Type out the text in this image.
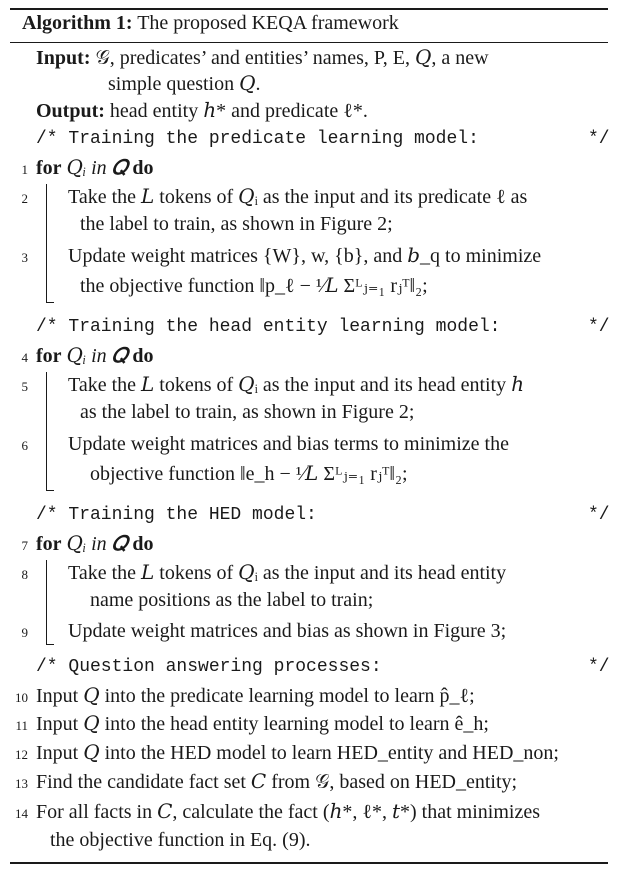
Algorithm 1: The proposed KEQA framework
Input: 𝒢, predicates’ and entities’ names, P, E, 𝑄, a new
simple question 𝑄.
Output: head entity ℎ* and predicate ℓ*.
/* Training the predicate learning model:	*/
1 for 𝑄ᵢ in 𝑄 do
2 Take the 𝐿 tokens of 𝑄ᵢ as the input and its predicate ℓ as
the label to train, as shown in Figure 2;
3 Update weight matrices {W}, w, {b}, and 𝑏_q to minimize
the objective function ‖p_ℓ − ¹⁄𝐿 Σᴸⱼ₌₁ rⱼᵀ‖₂;
/* Training the head entity learning model:	*/
4 for 𝑄ᵢ in 𝑄 do
5 Take the 𝐿 tokens of 𝑄ᵢ as the input and its head entity ℎ
as the label to train, as shown in Figure 2;
6 Update weight matrices and bias terms to minimize the
objective function ‖e_h − ¹⁄𝐿 Σᴸⱼ₌₁ rⱼᵀ‖₂;
/* Training the HED model:	*/
7 for 𝑄ᵢ in 𝑄 do
8 Take the 𝐿 tokens of 𝑄ᵢ as the input and its head entity
name positions as the label to train;
9 Update weight matrices and bias as shown in Figure 3;
/* Question answering processes:	*/
10 Input 𝑄 into the predicate learning model to learn p̂_ℓ;
11 Input 𝑄 into the head entity learning model to learn ê_h;
12 Input 𝑄 into the HED model to learn HED_entity and HED_non;
13 Find the candidate fact set 𝐶 from 𝒢, based on HED_entity;
14 For all facts in 𝐶, calculate the fact (ℎ*, ℓ*, 𝑡*) that minimizes
the objective function in Eq. (9).
